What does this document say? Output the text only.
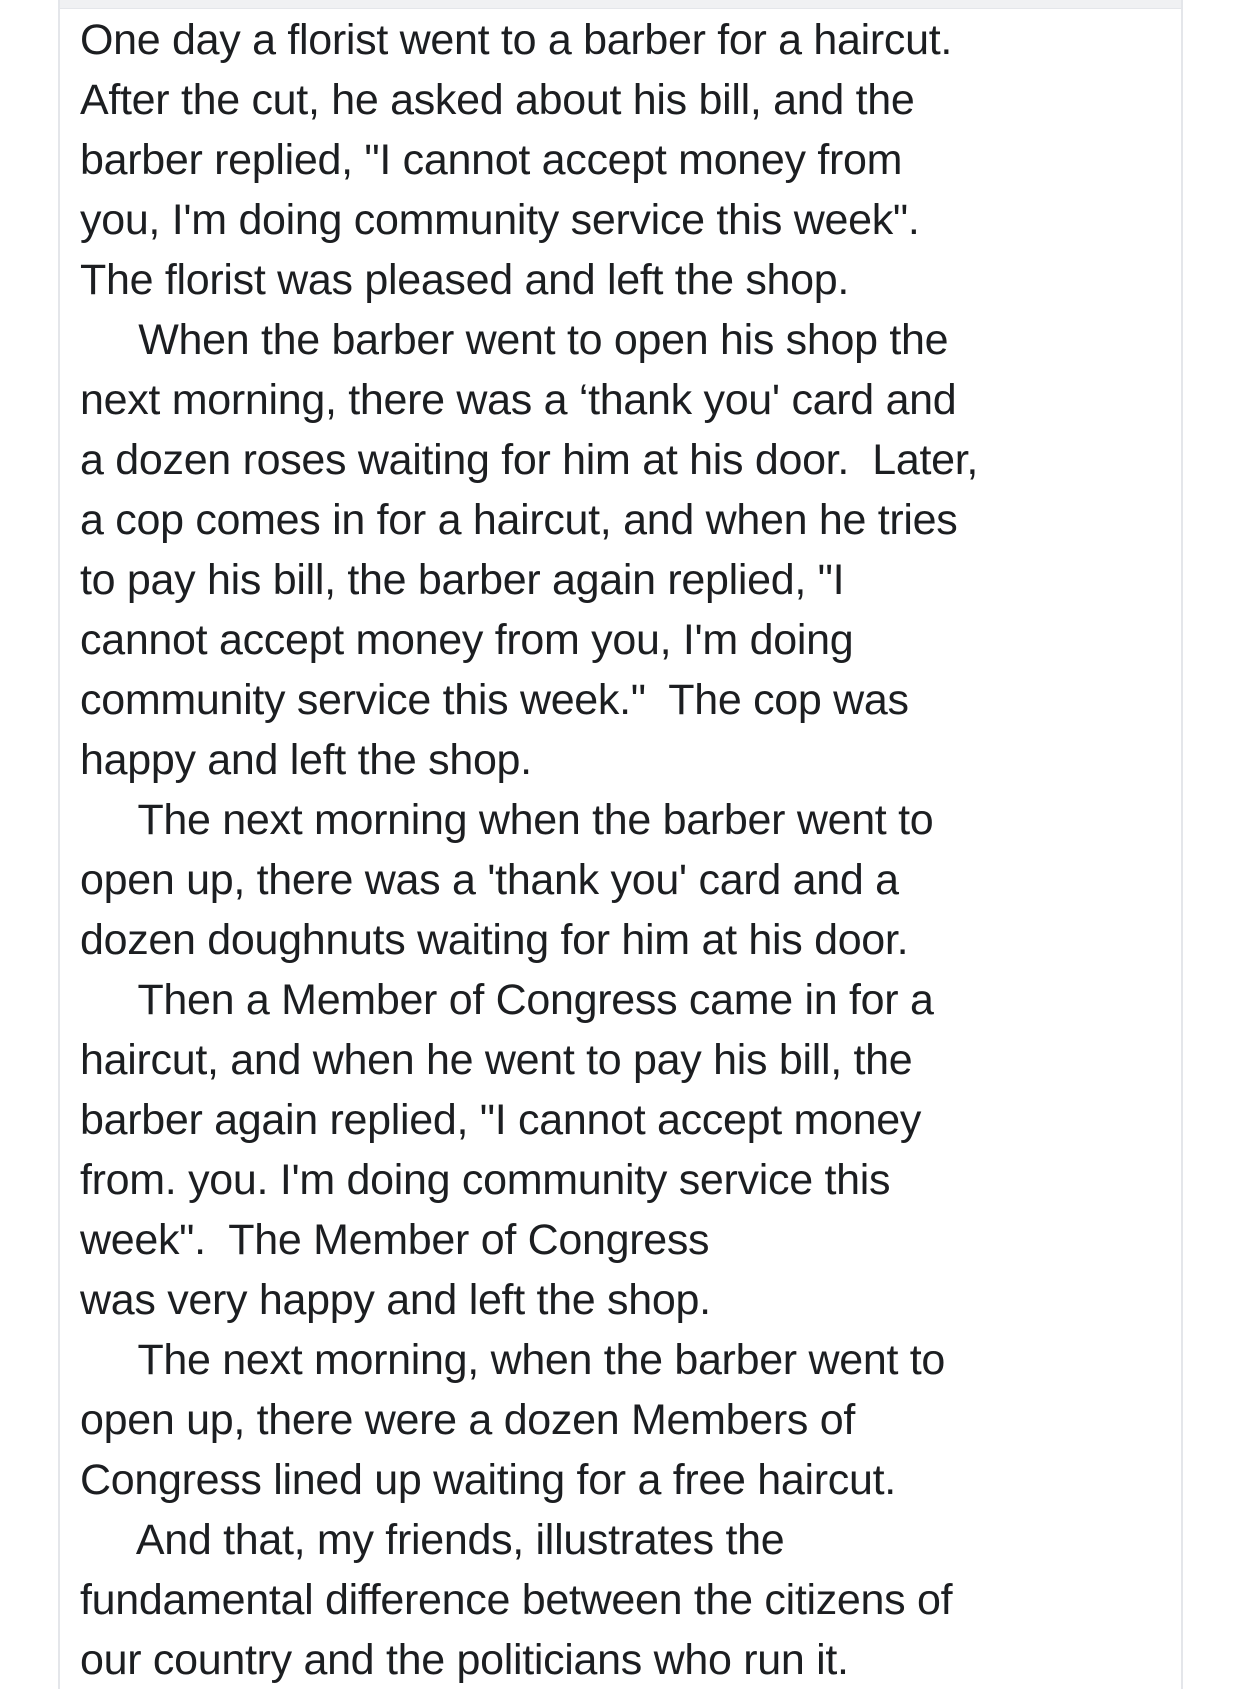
One day a florist went to a barber for a haircut.
After the cut, he asked about his bill, and the
barber replied, "I cannot accept money from
you, I'm doing community service this week".
The florist was pleased and left the shop.
When the barber went to open his shop the
next morning, there was a ‘thank you' card and
a dozen roses waiting for him at his door.  Later,
a cop comes in for a haircut, and when he tries
to pay his bill, the barber again replied, "I
cannot accept money from you, I'm doing
community service this week."  The cop was
happy and left the shop.
The next morning when the barber went to
open up, there was a 'thank you' card and a
dozen doughnuts waiting for him at his door.
Then a Member of Congress came in for a
haircut, and when he went to pay his bill, the
barber again replied, "I cannot accept money
from. you. I'm doing community service this
week".  The Member of Congress
was very happy and left the shop.
The next morning, when the barber went to
open up, there were a dozen Members of
Congress lined up waiting for a free haircut.
And that, my friends, illustrates the
fundamental difference between the citizens of
our country and the politicians who run it.
